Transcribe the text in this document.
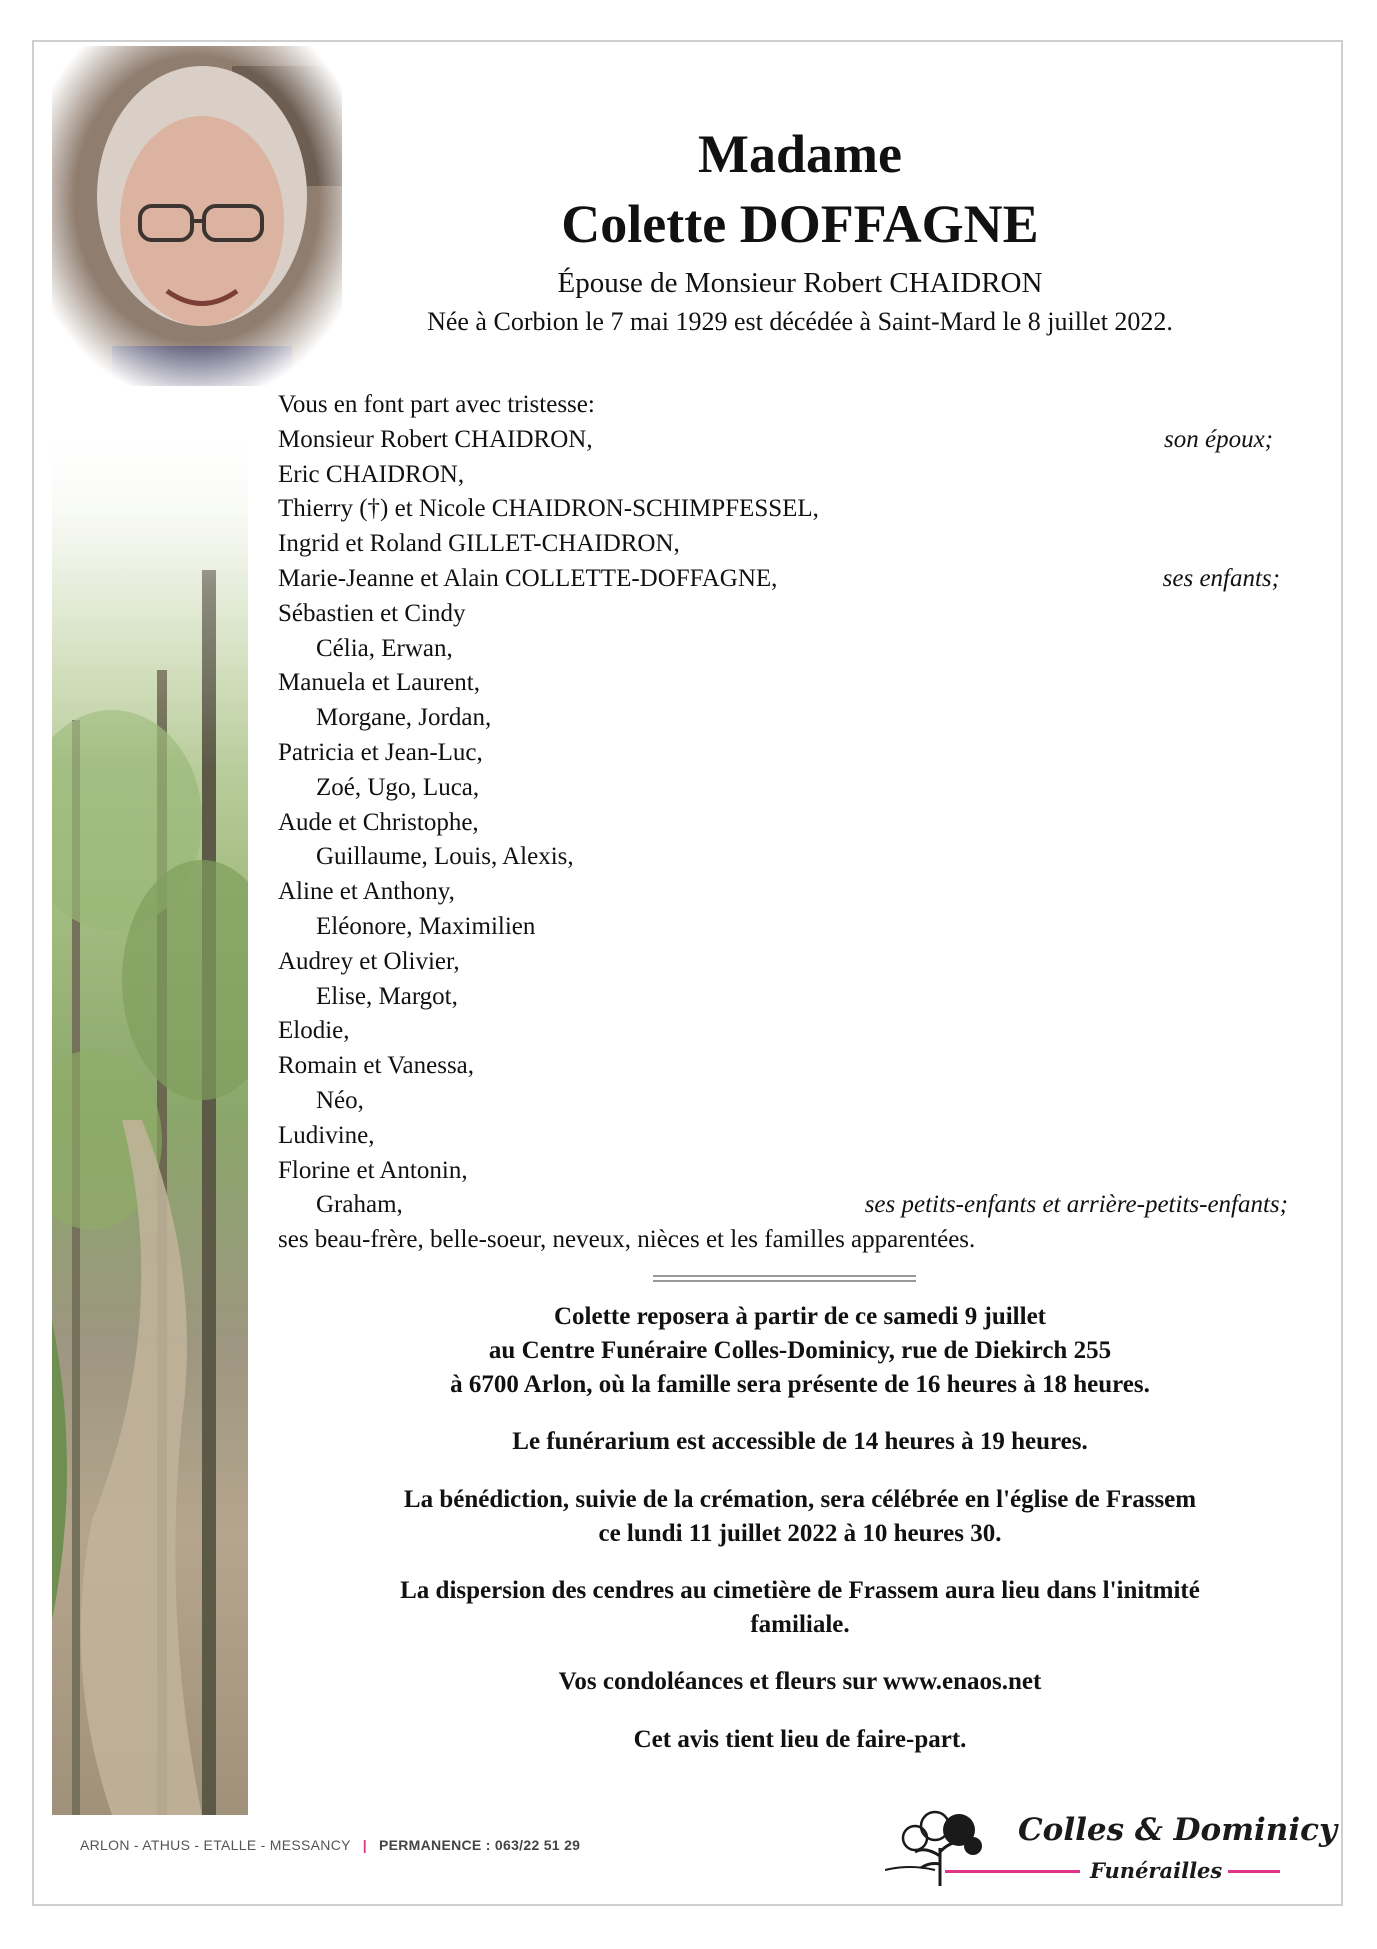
Madame
Colette DOFFAGNE

Épouse de Monsieur Robert CHAIDRON

Née à Corbion le 7 mai 1929 est décédée à Saint-Mard le 8 juillet 2022.

Vous en font part avec tristesse:
Monsieur Robert CHAIDRON,	son époux;
Eric CHAIDRON,
Thierry (†) et Nicole CHAIDRON-SCHIMPFESSEL,
Ingrid et Roland GILLET-CHAIDRON,
Marie-Jeanne et Alain COLLETTE-DOFFAGNE,	ses enfants;
Sébastien et Cindy
Célia, Erwan,
Manuela et Laurent,
Morgane, Jordan,
Patricia et Jean-Luc,
Zoé, Ugo, Luca,
Aude et Christophe,
Guillaume, Louis, Alexis,
Aline et Anthony,
Eléonore, Maximilien
Audrey et Olivier,
Elise, Margot,
Elodie,
Romain et Vanessa,
Néo,
Ludivine,
Florine et Antonin,
Graham,	ses petits-enfants et arrière-petits-enfants;
ses beau-frère, belle-soeur, neveux, nièces et les familles apparentées.

Colette reposera à partir de ce samedi 9 juillet

au Centre Funéraire Colles-Dominicy, rue de Diekirch 255

à 6700 Arlon, où la famille sera présente de 16 heures à 18 heures.

Le funérarium est accessible de 14 heures à 19 heures.

La bénédiction, suivie de la crémation, sera célébrée en l'église de Frassem

ce lundi 11 juillet 2022 à 10 heures 30.

La dispersion des cendres au cimetière de Frassem aura lieu dans l'initmité

familiale.

Vos condoléances et fleurs sur www.enaos.net

Cet avis tient lieu de faire-part.

ARLON - ATHUS - ETALLE - MESSANCY | PERMANENCE : 063/22 51 29	Colles & Dominicy
Funérailles
